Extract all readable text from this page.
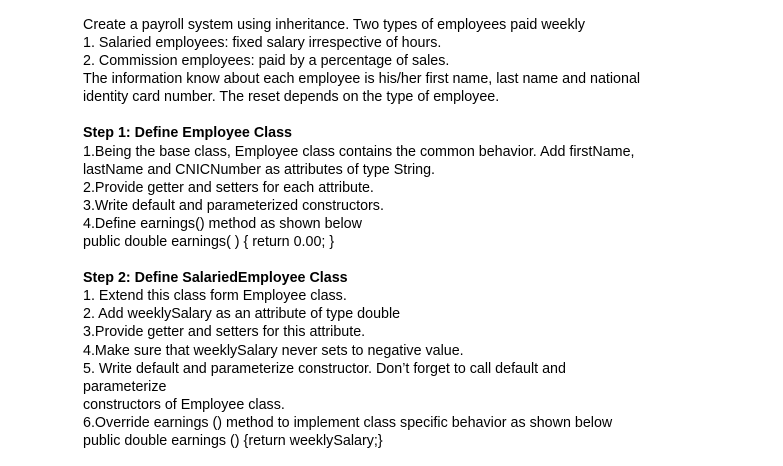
Create a payroll system using inheritance. Two types of employees paid weekly

1. Salaried employees: fixed salary irrespective of hours.

2. Commission employees: paid by a percentage of sales.

The information know about each employee is his/her first name, last name and national

identity card number. The reset depends on the type of employee.

Step 1: Define Employee Class

1.Being the base class, Employee class contains the common behavior. Add firstName,

lastName and CNICNumber as attributes of type String.

2.Provide getter and setters for each attribute.

3.Write default and parameterized constructors.

4.Define earnings() method as shown below

public double earnings( ) { return 0.00; }

Step 2: Define SalariedEmployee Class

1. Extend this class form Employee class.

2. Add weeklySalary as an attribute of type double

3.Provide getter and setters for this attribute.

4.Make sure that weeklySalary never sets to negative value.

5. Write default and parameterize constructor. Don’t forget to call default and

parameterize

constructors of Employee class.

6.Override earnings () method to implement class specific behavior as shown below

public double earnings () {return weeklySalary;}
